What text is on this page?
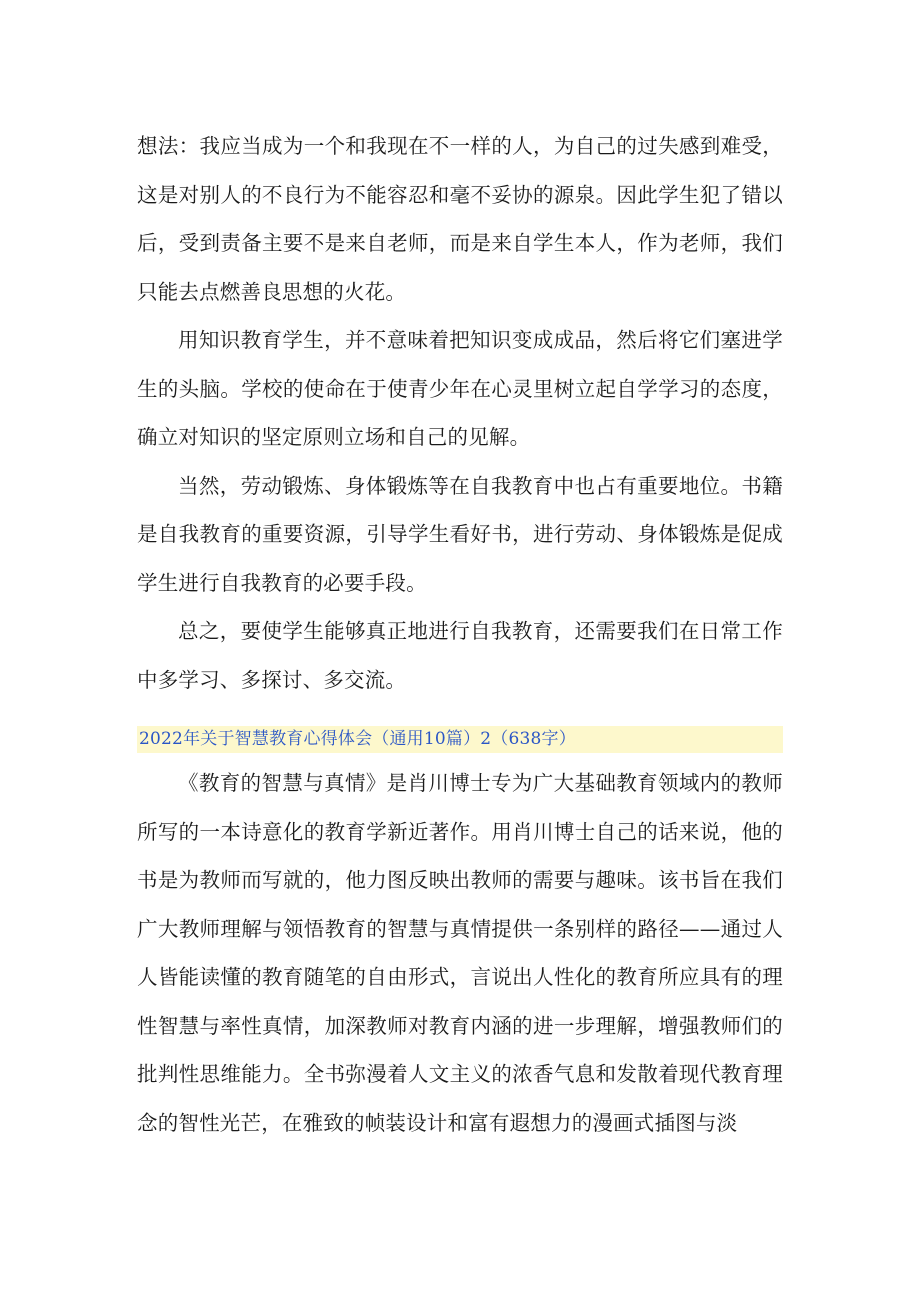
想法：我应当成为一个和我现在不一样的人，为自己的过失感到难受，这是对别人的不良行为不能容忍和毫不妥协的源泉。因此学生犯了错以后，受到责备主要不是来自老师，而是来自学生本人，作为老师，我们只能去点燃善良思想的火花。

用知识教育学生，并不意味着把知识变成成品，然后将它们塞进学生的头脑。学校的使命在于使青少年在心灵里树立起自学学习的态度，确立对知识的坚定原则立场和自己的见解。

当然，劳动锻炼、身体锻炼等在自我教育中也占有重要地位。书籍是自我教育的重要资源，引导学生看好书，进行劳动、身体锻炼是促成学生进行自我教育的必要手段。

总之，要使学生能够真正地进行自我教育，还需要我们在日常工作中多学习、多探讨、多交流。

2022年关于智慧教育心得体会（通用10篇）2（638字）

《教育的智慧与真情》是肖川博士专为广大基础教育领域内的教师所写的一本诗意化的教育学新近著作。用肖川博士自己的话来说，他的书是为教师而写就的，他力图反映出教师的需要与趣味。该书旨在我们广大教师理解与领悟教育的智慧与真情提供一条别样的路径——通过人人皆能读懂的教育随笔的自由形式，言说出人性化的教育所应具有的理性智慧与率性真情，加深教师对教育内涵的进一步理解，增强教师们的批判性思维能力。全书弥漫着人文主义的浓香气息和发散着现代教育理念的智性光芒，在雅致的帧装设计和富有遐想力的漫画式插图与淡
